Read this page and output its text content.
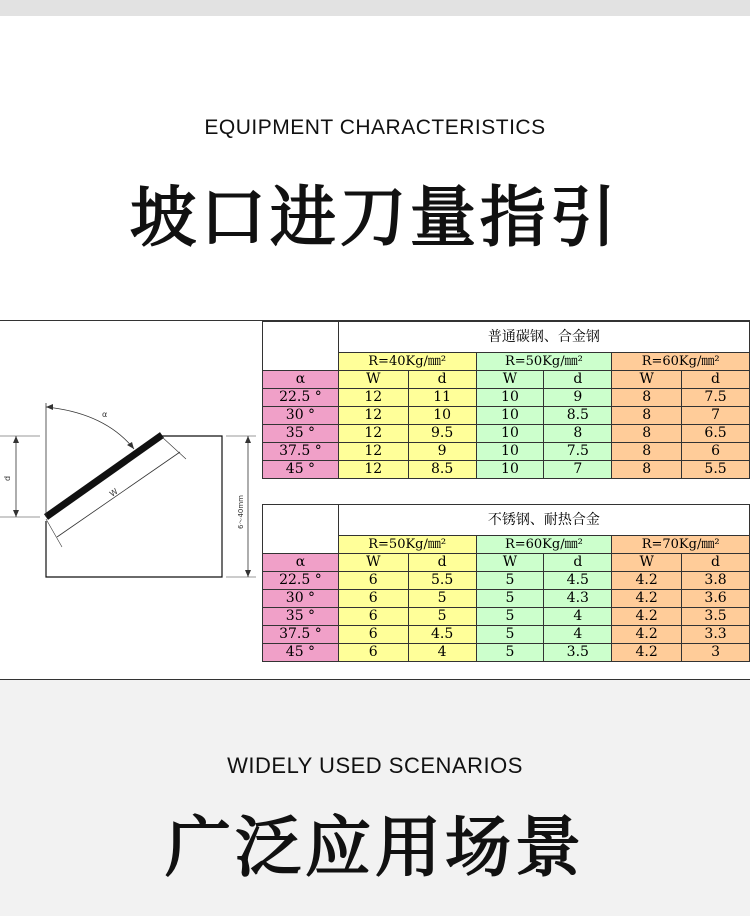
EQUIPMENT CHARACTERISTICS
坡口进刀量指引
α
W
d
6～40mm
	普通碳钢、合金钢					
	R=40Kg/㎜²		R=50Kg/㎜²		R=60Kg/㎜²	
α	W	d	W	d	W	d
22.5 °	12	11	10	9	8	7.5
30 °	12	10	10	8.5	8	7
35 °	12	9.5	10	8	8	6.5
37.5 °	12	9	10	7.5	8	6
45 °	12	8.5	10	7	8	5.5
	不锈钢、耐热合金					
	R=50Kg/㎜²		R=60Kg/㎜²		R=70Kg/㎜²	
α	W	d	W	d	W	d
22.5 °	6	5.5	5	4.5	4.2	3.8
30 °	6	5	5	4.3	4.2	3.6
35 °	6	5	5	4	4.2	3.5
37.5 °	6	4.5	5	4	4.2	3.3
45 °	6	4	5	3.5	4.2	3
WIDELY USED SCENARIOS
广泛应用场景
